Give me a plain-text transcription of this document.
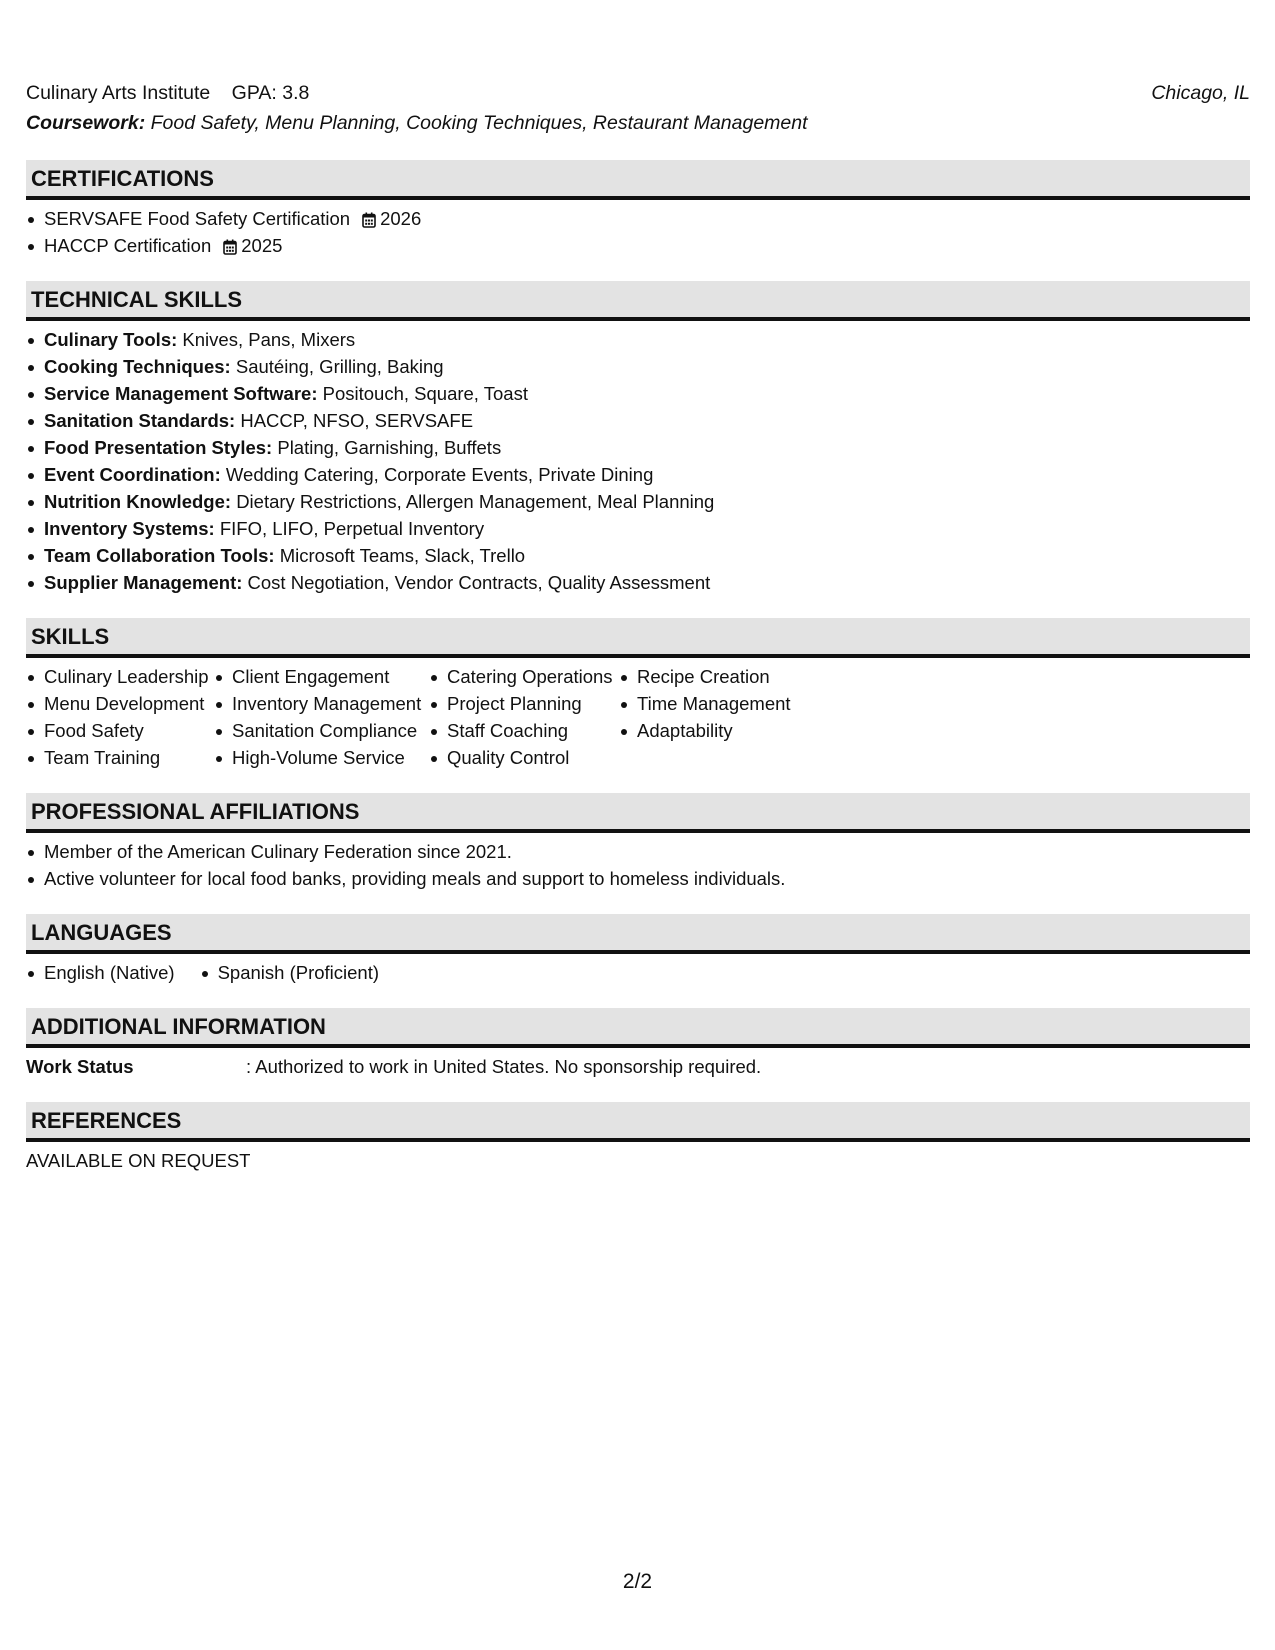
Culinary Arts Institute GPA: 3.8	Chicago, IL
Coursework: Food Safety, Menu Planning, Cooking Techniques, Restaurant Management
CERTIFICATIONS
SERVSAFE Food Safety Certification 2026
HACCP Certification 2025
TECHNICAL SKILLS
Culinary Tools: Knives, Pans, Mixers
Cooking Techniques: Sautéing, Grilling, Baking
Service Management Software: Positouch, Square, Toast
Sanitation Standards: HACCP, NFSO, SERVSAFE
Food Presentation Styles: Plating, Garnishing, Buffets
Event Coordination: Wedding Catering, Corporate Events, Private Dining
Nutrition Knowledge: Dietary Restrictions, Allergen Management, Meal Planning
Inventory Systems: FIFO, LIFO, Perpetual Inventory
Team Collaboration Tools: Microsoft Teams, Slack, Trello
Supplier Management: Cost Negotiation, Vendor Contracts, Quality Assessment
SKILLS
Culinary Leadership
Menu Development
Food Safety
Team Training
Client Engagement
Inventory Management
Sanitation Compliance
High-Volume Service
Catering Operations
Project Planning
Staff Coaching
Quality Control
Recipe Creation
Time Management
Adaptability
PROFESSIONAL AFFILIATIONS
Member of the American Culinary Federation since 2021.
Active volunteer for local food banks, providing meals and support to homeless individuals.
LANGUAGES
English (Native)	Spanish (Proficient)
ADDITIONAL INFORMATION
Work Status	: Authorized to work in United States. No sponsorship required.
REFERENCES
AVAILABLE ON REQUEST
2/2
